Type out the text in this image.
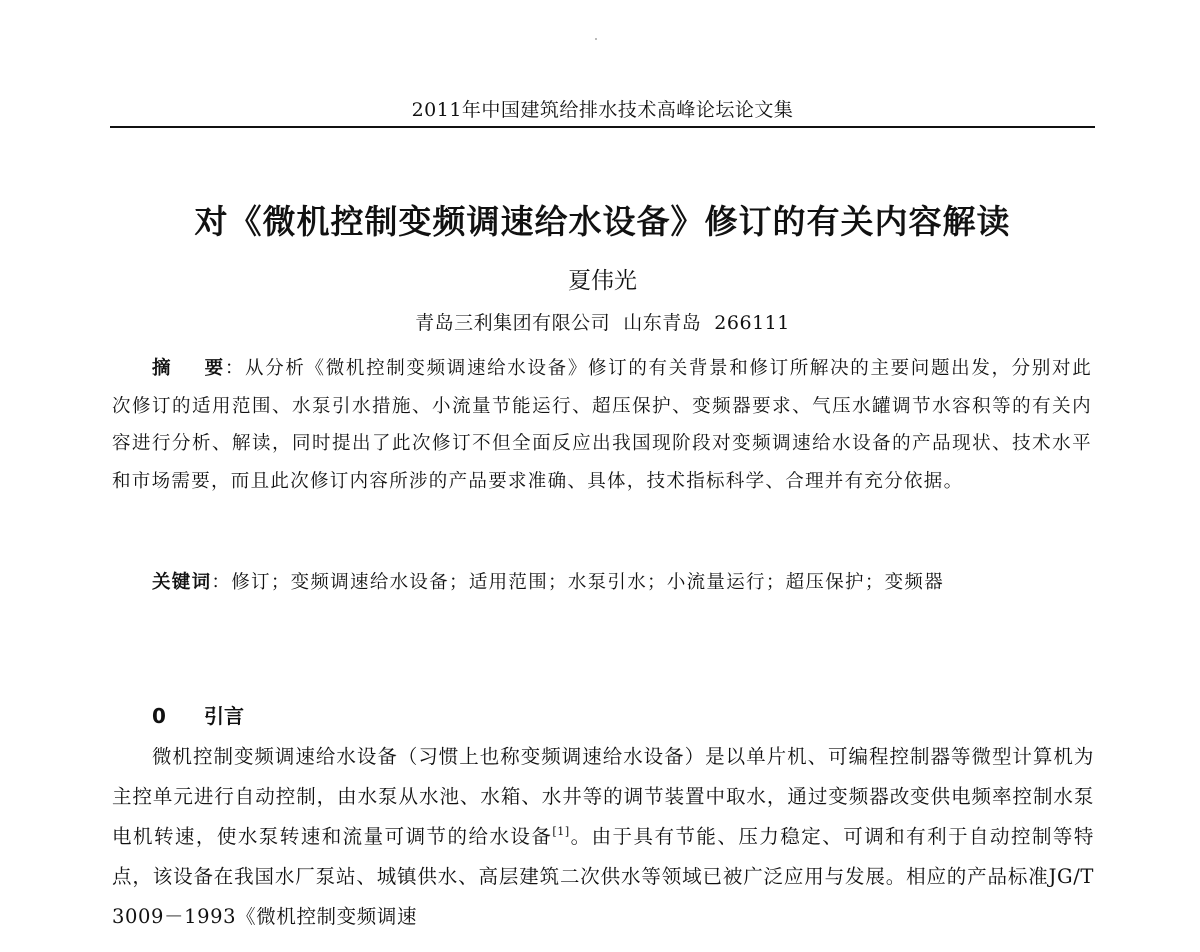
2011年中国建筑给排水技术高峰论坛论文集
对《微机控制变频调速给水设备》修订的有关内容解读
夏伟光
青岛三利集团有限公司  山东青岛  266111
摘    要：从分析《微机控制变频调速给水设备》修订的有关背景和修订所解决的主要问题出发，分别对此次修订的适用范围、水泵引水措施、小流量节能运行、超压保护、变频器要求、气压水罐调节水容积等的有关内容进行分析、解读，同时提出了此次修订不但全面反应出我国现阶段对变频调速给水设备的产品现状、技术水平和市场需要，而且此次修订内容所涉的产品要求准确、具体，技术指标科学、合理并有充分依据。
关键词：修订；变频调速给水设备；适用范围；水泵引水；小流量运行；超压保护；变频器
0 引言
微机控制变频调速给水设备（习惯上也称变频调速给水设备）是以单片机、可编程控制器等微型计算机为主控单元进行自动控制，由水泵从水池、水箱、水井等的调节装置中取水，通过变频器改变供电频率控制水泵电机转速，使水泵转速和流量可调节的给水设备[1]。由于具有节能、压力稳定、可调和有利于自动控制等特点，该设备在我国水厂泵站、城镇供水、高层建筑二次供水等领域已被广泛应用与发展。相应的产品标准JG/T 3009－1993《微机控制变频调速
